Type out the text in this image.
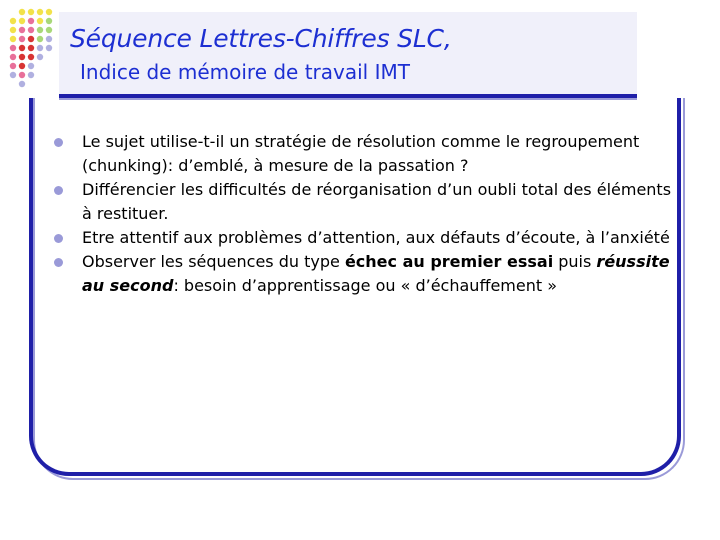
Séquence Lettres-Chiffres SLC,
Indice de mémoire de travail IMT
Le sujet utilise-t-il un stratégie de résolution comme le regroupement (chunking): d’emblé, à mesure de la passation ?
Différencier les difficultés de réorganisation d’un oubli total des éléments à restituer.
Etre attentif aux problèmes d’attention, aux défauts d’écoute, à l’anxiété
Observer les séquences du type échec au premier essai puis réussite au second: besoin d’apprentissage ou « d’échauffement »
